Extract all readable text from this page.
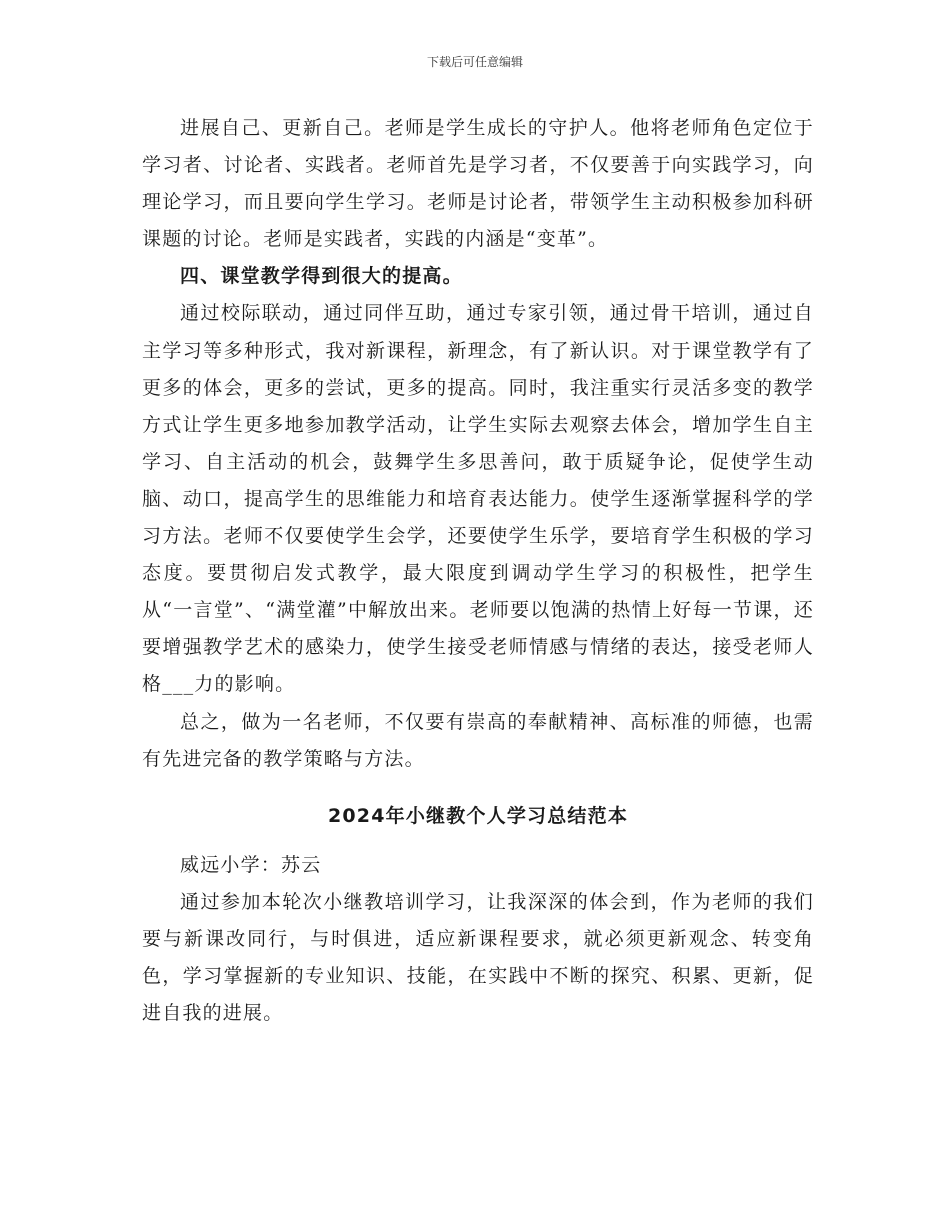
下载后可任意编辑

进展自己、更新自己。老师是学生成长的守护人。他将老师角色定位于学习者、讨论者、实践者。老师首先是学习者，不仅要善于向实践学习，向理论学习，而且要向学生学习。老师是讨论者，带领学生主动积极参加科研课题的讨论。老师是实践者，实践的内涵是“变革”。

四、课堂教学得到很大的提高。

通过校际联动，通过同伴互助，通过专家引领，通过骨干培训，通过自主学习等多种形式，我对新课程，新理念，有了新认识。对于课堂教学有了更多的体会，更多的尝试，更多的提高。同时，我注重实行灵活多变的教学方式让学生更多地参加教学活动，让学生实际去观察去体会，增加学生自主学习、自主活动的机会，鼓舞学生多思善问，敢于质疑争论，促使学生动脑、动口，提高学生的思维能力和培育表达能力。使学生逐渐掌握科学的学习方法。老师不仅要使学生会学，还要使学生乐学，要培育学生积极的学习态度。要贯彻启发式教学，最大限度到调动学生学习的积极性，把学生从“一言堂”、“满堂灌”中解放出来。老师要以饱满的热情上好每一节课，还要增强教学艺术的感染力，使学生接受老师情感与情绪的表达，接受老师人格___力的影响。

总之，做为一名老师，不仅要有崇高的奉献精神、高标准的师德，也需有先进完备的教学策略与方法。

2024年小继教个人学习总结范本

威远小学：苏云

通过参加本轮次小继教培训学习，让我深深的体会到，作为老师的我们要与新课改同行，与时俱进，适应新课程要求，就必须更新观念、转变角色，学习掌握新的专业知识、技能，在实践中不断的探究、积累、更新，促进自我的进展。
